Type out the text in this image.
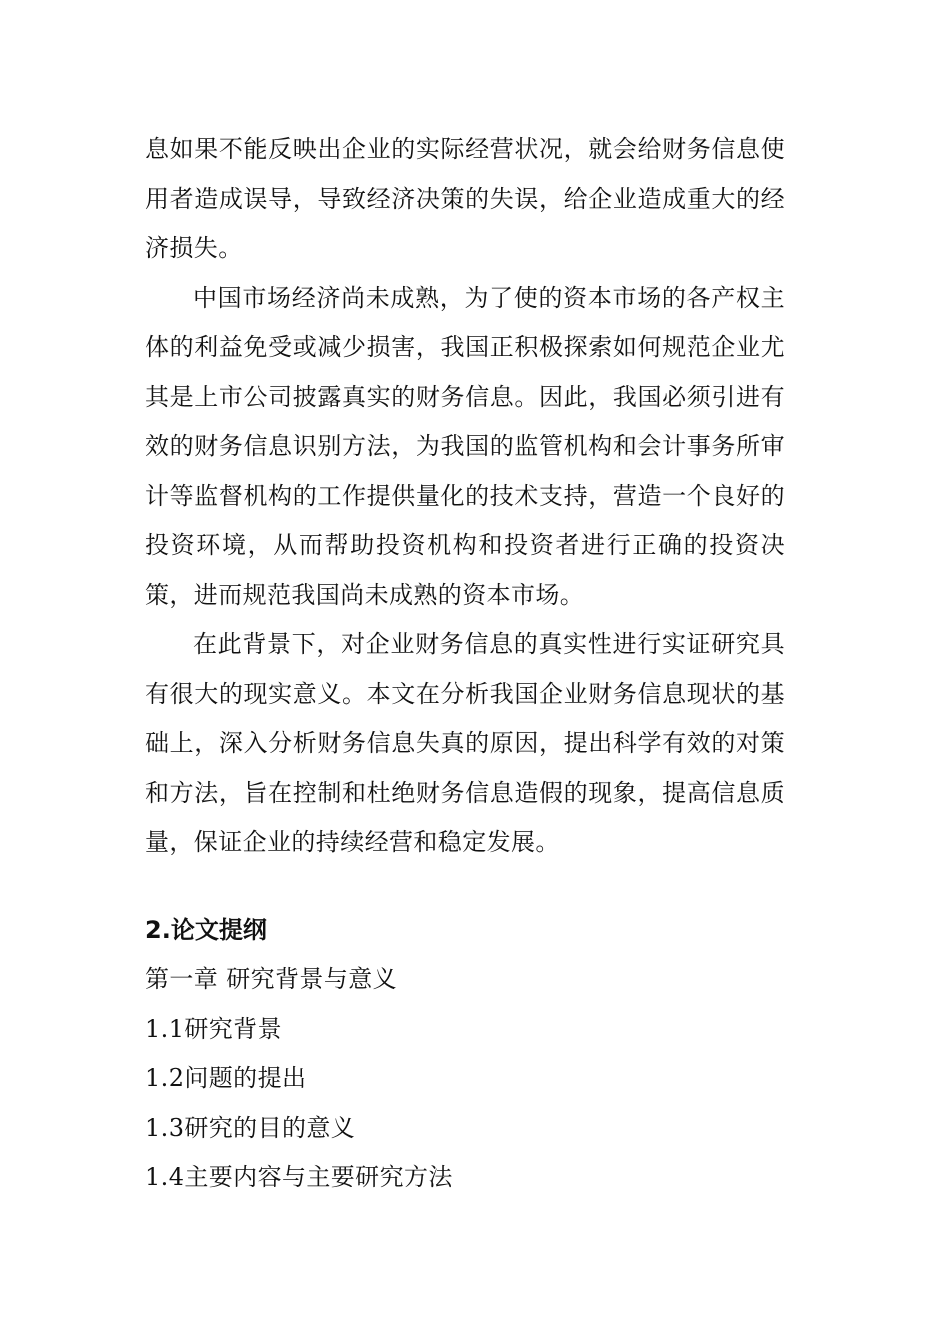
息如果不能反映出企业的实际经营状况，就会给财务信息使用者造成误导，导致经济决策的失误，给企业造成重大的经济损失。

中国市场经济尚未成熟，为了使的资本市场的各产权主体的利益免受或减少损害，我国正积极探索如何规范企业尤其是上市公司披露真实的财务信息。因此，我国必须引进有效的财务信息识别方法，为我国的监管机构和会计事务所审计等监督机构的工作提供量化的技术支持，营造一个良好的投资环境，从而帮助投资机构和投资者进行正确的投资决策，进而规范我国尚未成熟的资本市场。

在此背景下，对企业财务信息的真实性进行实证研究具有很大的现实意义。本文在分析我国企业财务信息现状的基础上，深入分析财务信息失真的原因，提出科学有效的对策和方法，旨在控制和杜绝财务信息造假的现象，提高信息质量，保证企业的持续经营和稳定发展。

2.论文提纲

第一章 研究背景与意义

1.1研究背景

1.2问题的提出

1.3研究的目的意义

1.4主要内容与主要研究方法
